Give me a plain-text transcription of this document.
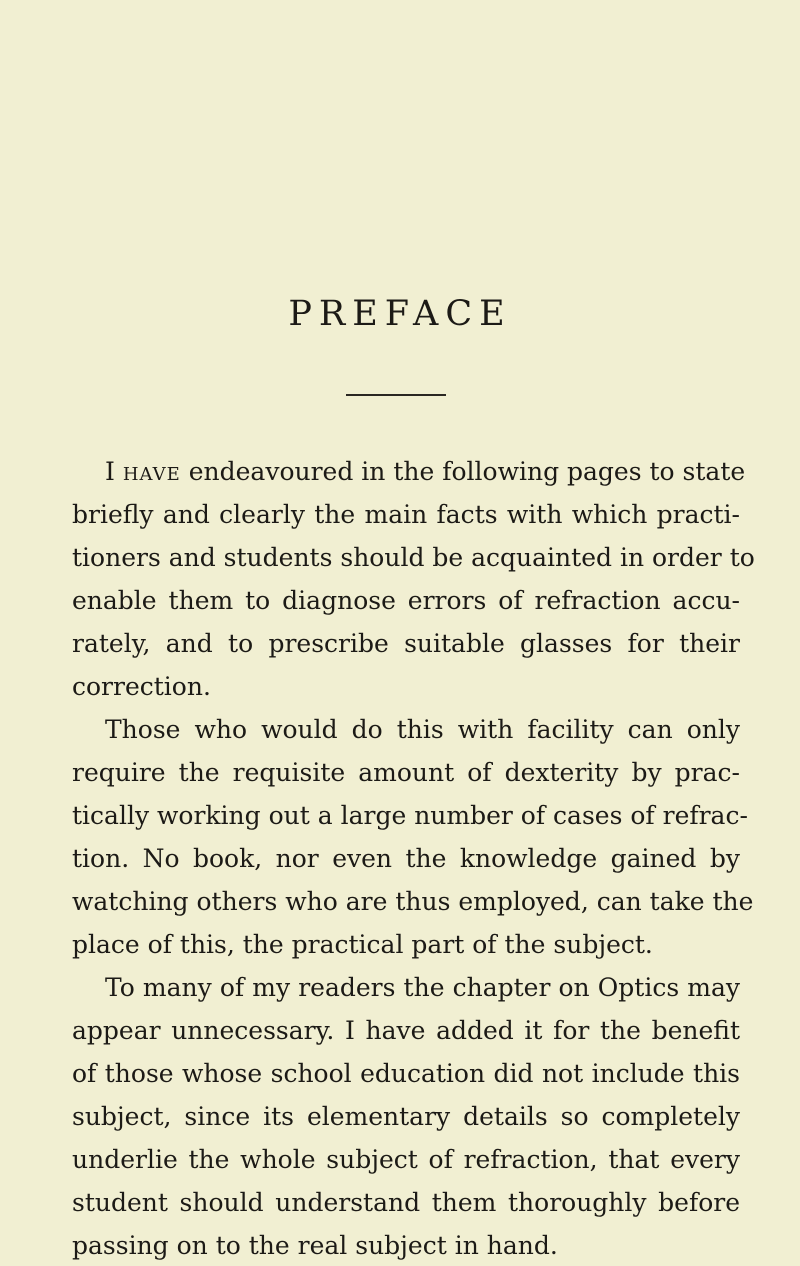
PREFACE
I have endeavoured in the following pages to state
briefly and clearly the main facts with which practi-
tioners and students should be acquainted in order to
enable them to diagnose errors of refraction accu-
rately, and to prescribe suitable glasses for their
correction.
Those who would do this with facility can only
require the requisite amount of dexterity by prac-
tically working out a large number of cases of refrac-
tion. No book, nor even the knowledge gained by
watching others who are thus employed, can take the
place of this, the practical part of the subject.
To many of my readers the chapter on Optics may
appear unnecessary. I have added it for the benefit
of those whose school education did not include this
subject, since its elementary details so completely
underlie the whole subject of refraction, that every
student should understand them thoroughly before
passing on to the real subject in hand.
